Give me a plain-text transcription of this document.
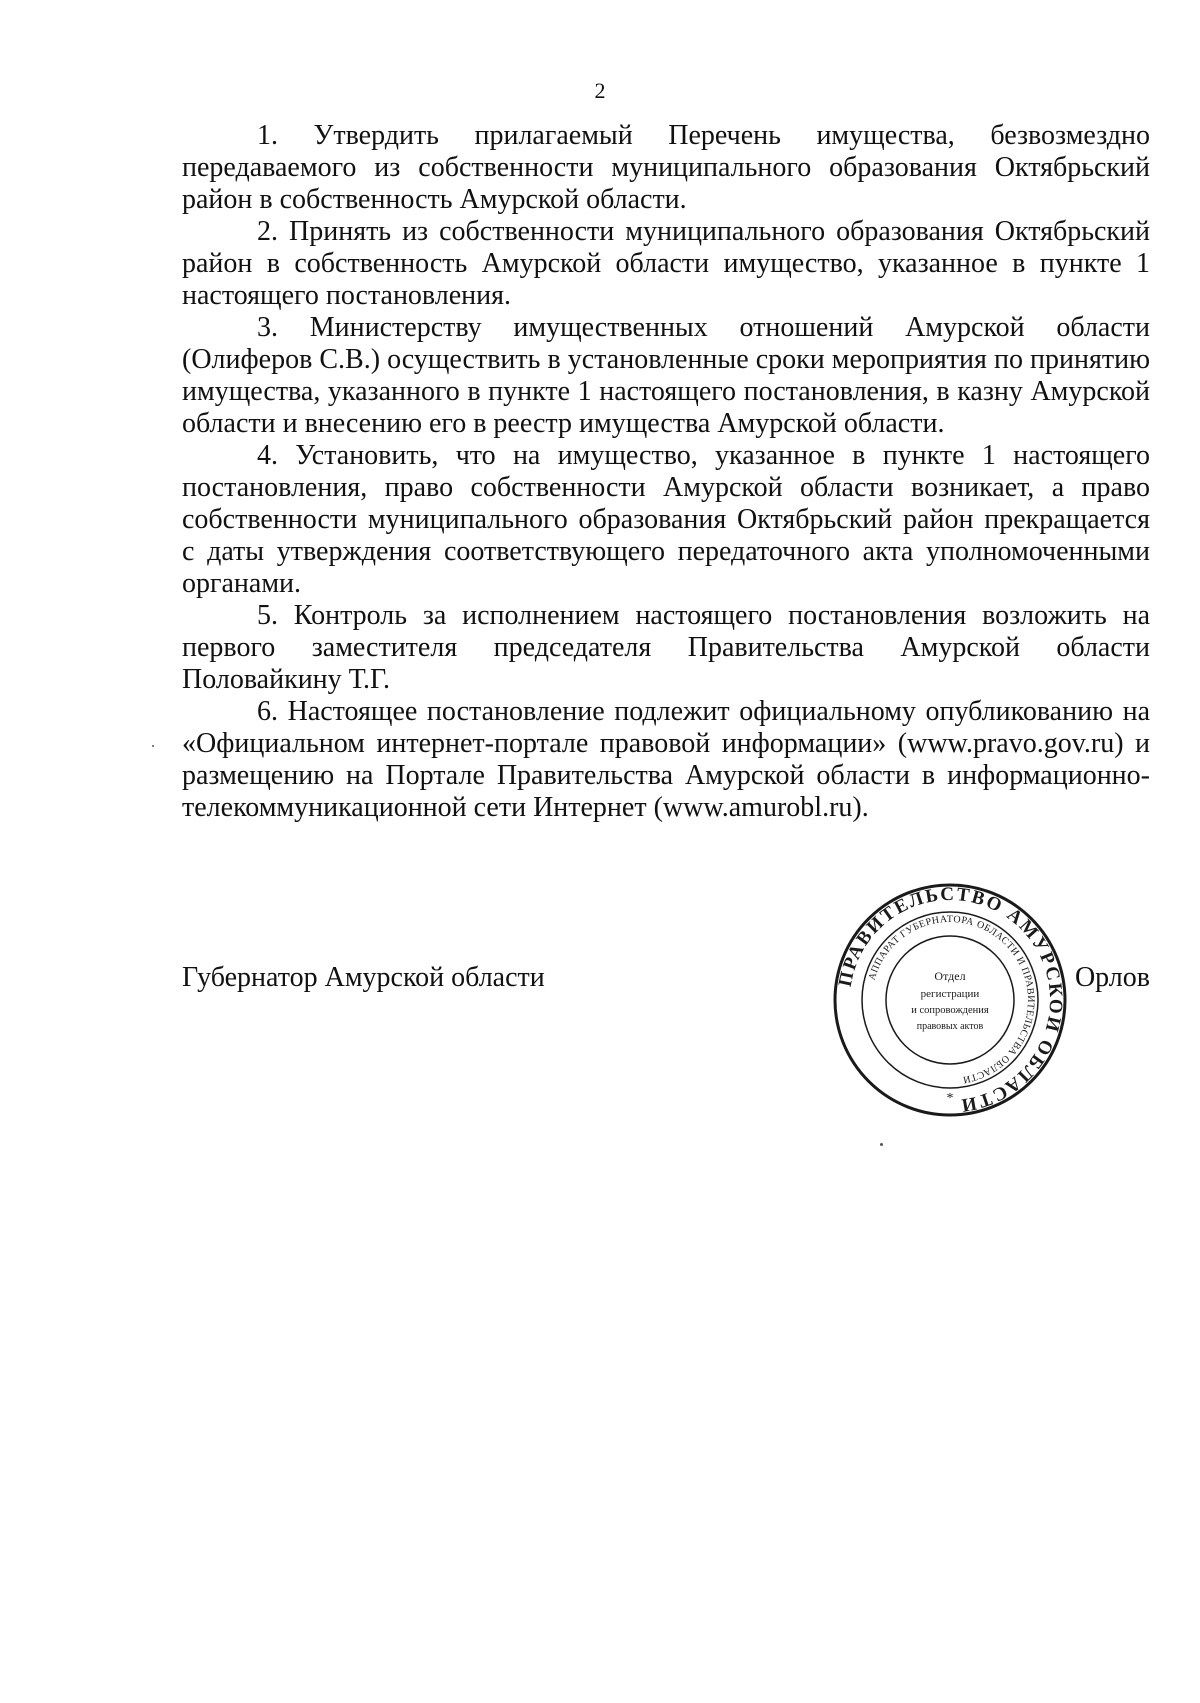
2

1. Утвердить прилагаемый Перечень имущества, безвозмездно передаваемого из собственности муниципального образования Октябрьский район в собственность Амурской области.

2. Принять из собственности муниципального образования Октябрьский район в собственность Амурской области имущество, указанное в пункте 1 настоящего постановления.

3. Министерству имущественных отношений Амурской области (Олиферов С.В.) осуществить в установленные сроки мероприятия по принятию имущества, указанного в пункте 1 настоящего постановления, в казну Амурской области и внесению его в реестр имущества Амурской области.

4. Установить, что на имущество, указанное в пункте 1 настоящего постановления, право собственности Амурской области возникает, а право собственности муниципального образования Октябрьский район прекращается с даты утверждения соответствующего передаточного акта уполномоченными органами.

5. Контроль за исполнением настоящего постановления возложить на первого заместителя председателя Правительства Амурской области Половайкину Т.Г.

6. Настоящее постановление подлежит официальному опубликованию на «Официальном интернет-портале правовой информации» (www.pravo.gov.ru) и размещению на Портале Правительства Амурской области в информационно-телекоммуникационной сети Интернет (www.amurobl.ru).

Губернатор Амурской области	Орлов
ПРАВИТЕЛЬСТВО АМУРСКОЙ ОБЛАСТИ
АППАРАТ ГУБЕРНАТОРА ОБЛАСТИ И ПРАВИТЕЛЬСТВА ОБЛАСТИ
Отдел
регистрации
и сопровождения
правовых актов
*
